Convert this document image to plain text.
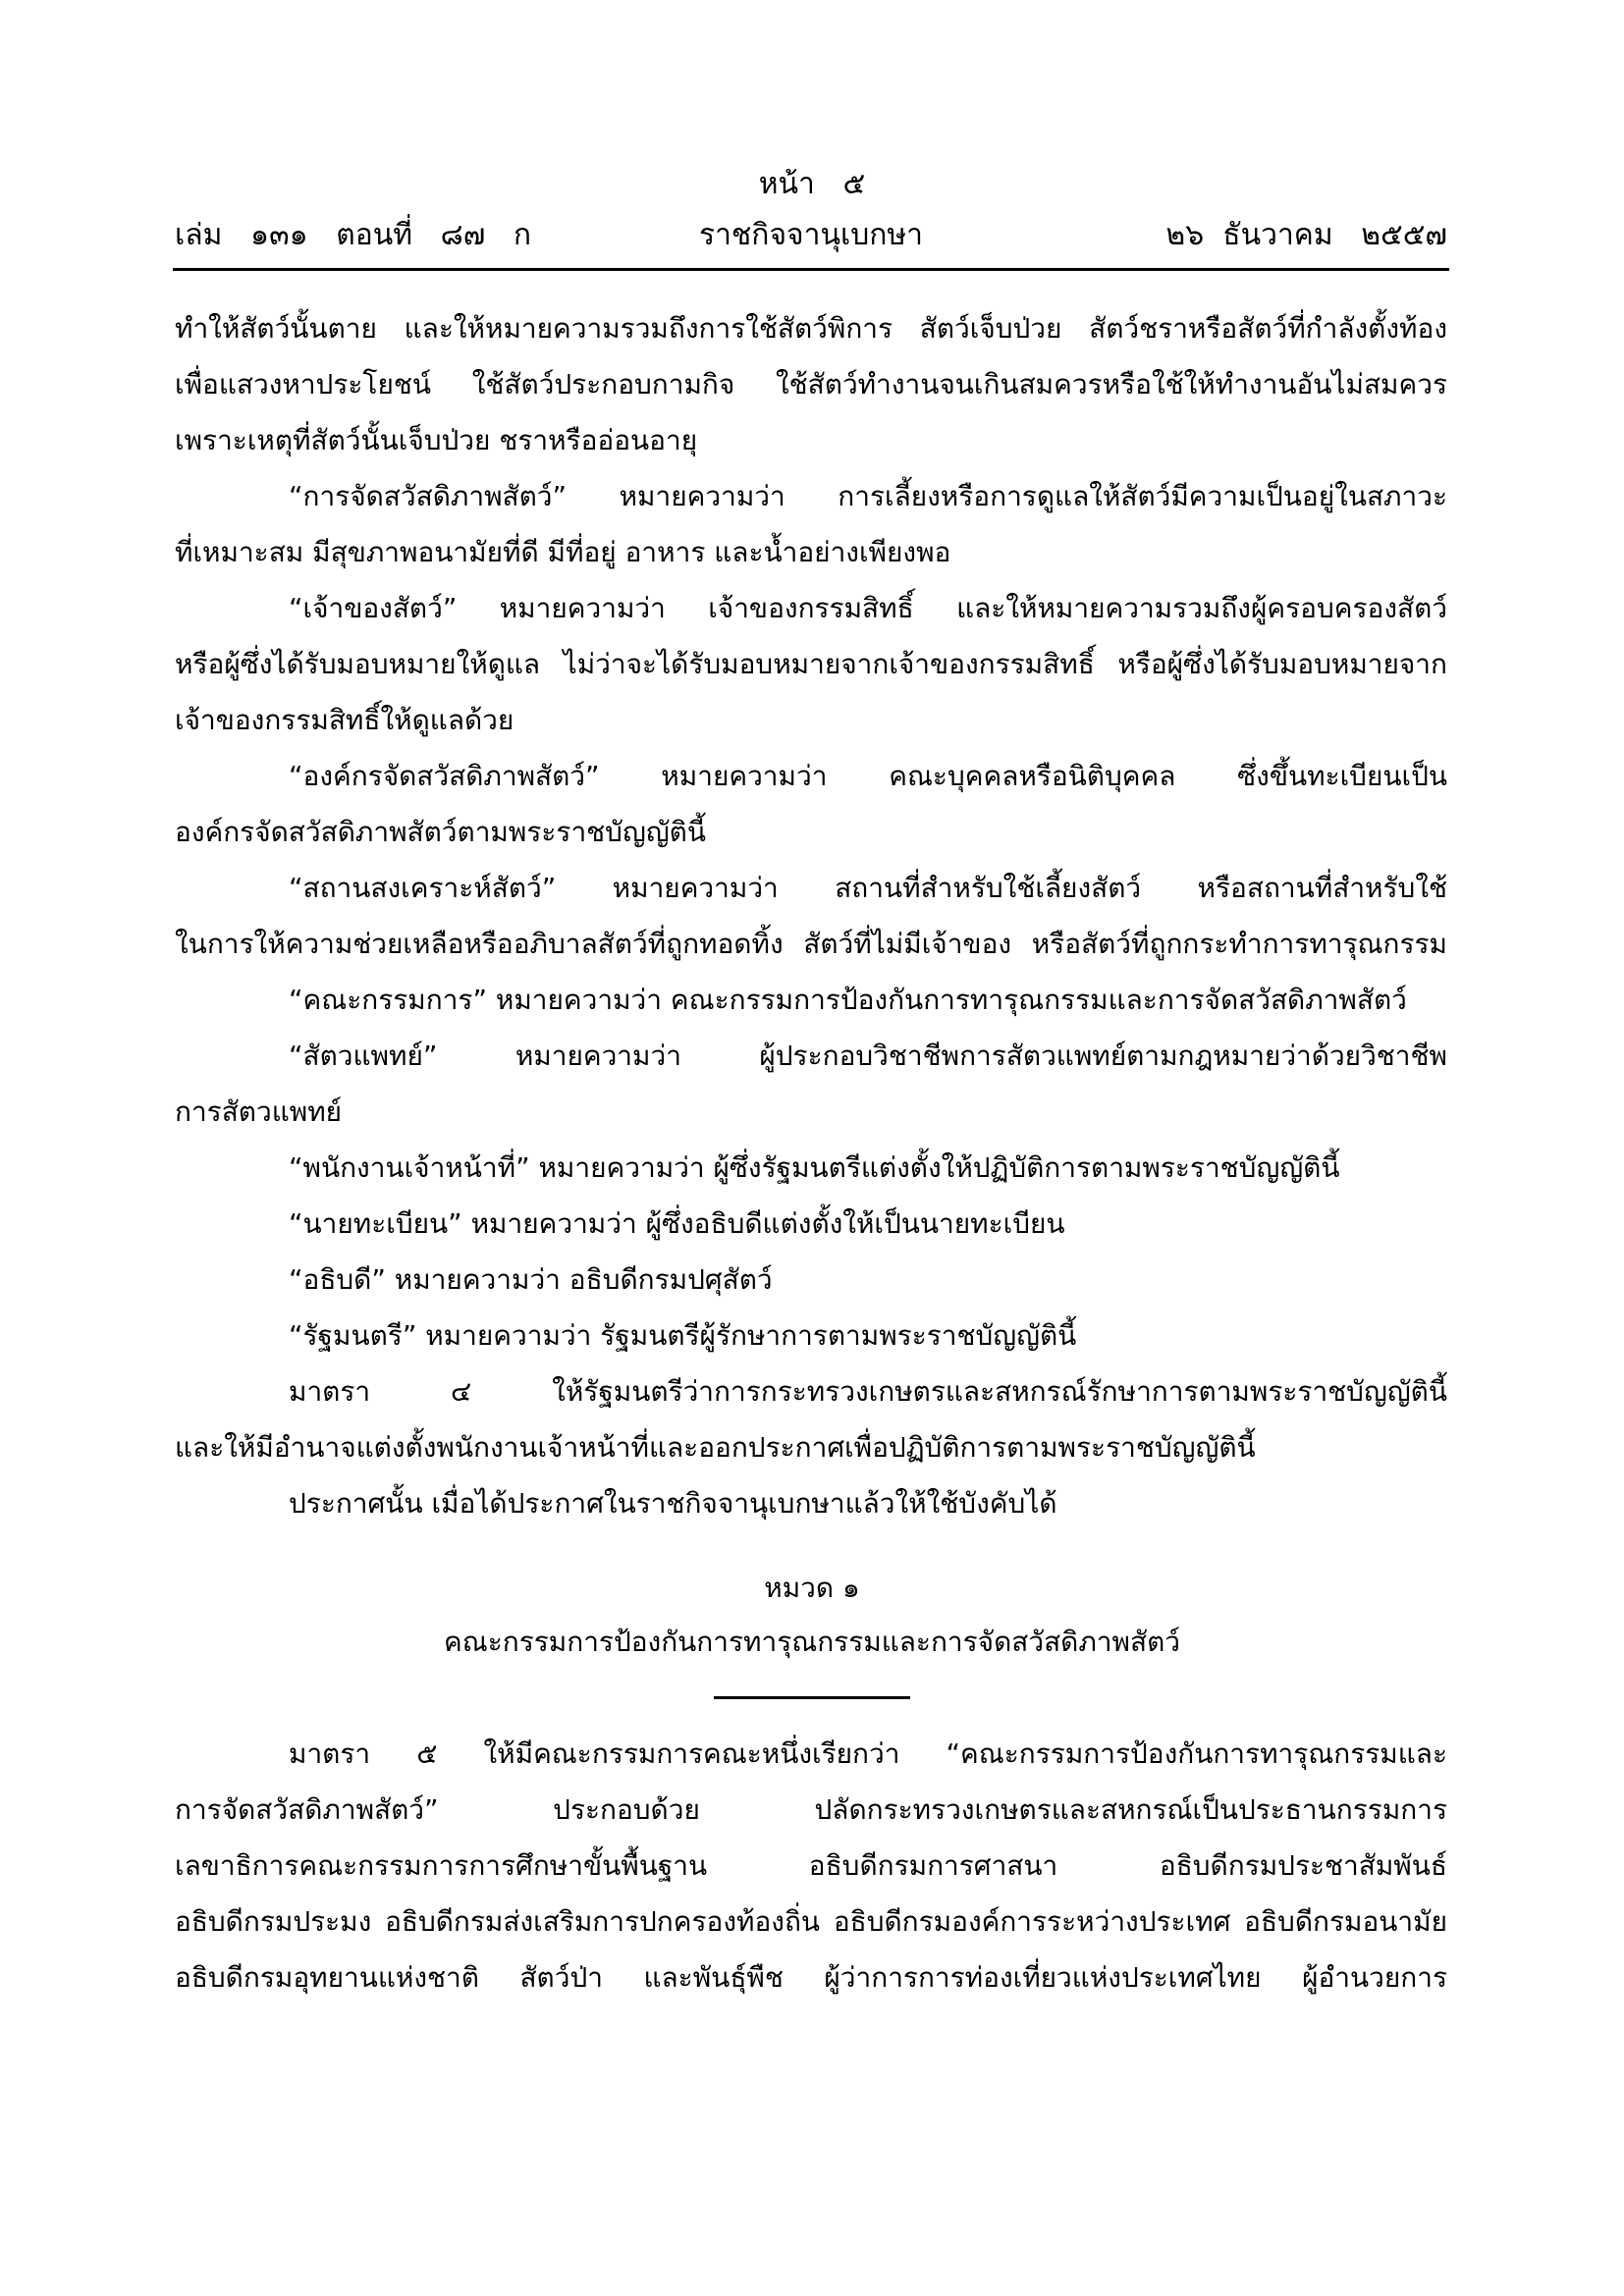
หน้า   ๕
เล่ม   ๑๓๑   ตอนที่   ๘๗   ก	ราชกิจจานุเบกษา	๒๖  ธันวาคม   ๒๕๕๗
ทำให้สัตว์นั้นตาย และให้หมายความรวมถึงการใช้สัตว์พิการ สัตว์เจ็บป่วย สัตว์ชราหรือสัตว์ที่กำลังตั้งท้อง
เพื่อแสวงหาประโยชน์ ใช้สัตว์ประกอบกามกิจ ใช้สัตว์ทำงานจนเกินสมควรหรือใช้ให้ทำงานอันไม่สมควร
เพราะเหตุที่สัตว์นั้นเจ็บป่วย ชราหรืออ่อนอายุ
“การจัดสวัสดิภาพสัตว์” หมายความว่า การเลี้ยงหรือการดูแลให้สัตว์มีความเป็นอยู่ในสภาวะ
ที่เหมาะสม มีสุขภาพอนามัยที่ดี มีที่อยู่ อาหาร และน้ำอย่างเพียงพอ
“เจ้าของสัตว์” หมายความว่า เจ้าของกรรมสิทธิ์ และให้หมายความรวมถึงผู้ครอบครองสัตว์
หรือผู้ซึ่งได้รับมอบหมายให้ดูแล ไม่ว่าจะได้รับมอบหมายจากเจ้าของกรรมสิทธิ์ หรือผู้ซึ่งได้รับมอบหมายจาก
เจ้าของกรรมสิทธิ์ให้ดูแลด้วย
“องค์กรจัดสวัสดิภาพสัตว์” หมายความว่า คณะบุคคลหรือนิติบุคคล ซึ่งขึ้นทะเบียนเป็น
องค์กรจัดสวัสดิภาพสัตว์ตามพระราชบัญญัตินี้
“สถานสงเคราะห์สัตว์” หมายความว่า สถานที่สำหรับใช้เลี้ยงสัตว์ หรือสถานที่สำหรับใช้
ในการให้ความช่วยเหลือหรืออภิบาลสัตว์ที่ถูกทอดทิ้ง สัตว์ที่ไม่มีเจ้าของ หรือสัตว์ที่ถูกกระทำการทารุณกรรม
“คณะกรรมการ” หมายความว่า คณะกรรมการป้องกันการทารุณกรรมและการจัดสวัสดิภาพสัตว์
“สัตวแพทย์” หมายความว่า ผู้ประกอบวิชาชีพการสัตวแพทย์ตามกฎหมายว่าด้วยวิชาชีพ
การสัตวแพทย์
“พนักงานเจ้าหน้าที่” หมายความว่า ผู้ซึ่งรัฐมนตรีแต่งตั้งให้ปฏิบัติการตามพระราชบัญญัตินี้
“นายทะเบียน” หมายความว่า ผู้ซึ่งอธิบดีแต่งตั้งให้เป็นนายทะเบียน
“อธิบดี” หมายความว่า อธิบดีกรมปศุสัตว์
“รัฐมนตรี” หมายความว่า รัฐมนตรีผู้รักษาการตามพระราชบัญญัตินี้
มาตรา ๔ ให้รัฐมนตรีว่าการกระทรวงเกษตรและสหกรณ์รักษาการตามพระราชบัญญัตินี้
และให้มีอำนาจแต่งตั้งพนักงานเจ้าหน้าที่และออกประกาศเพื่อปฏิบัติการตามพระราชบัญญัตินี้
ประกาศนั้น เมื่อได้ประกาศในราชกิจจานุเบกษาแล้วให้ใช้บังคับได้
หมวด ๑
คณะกรรมการป้องกันการทารุณกรรมและการจัดสวัสดิภาพสัตว์
มาตรา ๕ ให้มีคณะกรรมการคณะหนึ่งเรียกว่า “คณะกรรมการป้องกันการทารุณกรรมและ
การจัดสวัสดิภาพสัตว์” ประกอบด้วย ปลัดกระทรวงเกษตรและสหกรณ์เป็นประธานกรรมการ
เลขาธิการคณะกรรมการการศึกษาขั้นพื้นฐาน อธิบดีกรมการศาสนา อธิบดีกรมประชาสัมพันธ์
อธิบดีกรมประมง อธิบดีกรมส่งเสริมการปกครองท้องถิ่น อธิบดีกรมองค์การระหว่างประเทศ อธิบดีกรมอนามัย
อธิบดีกรมอุทยานแห่งชาติ สัตว์ป่า และพันธุ์พืช ผู้ว่าการการท่องเที่ยวแห่งประเทศไทย ผู้อำนวยการ
